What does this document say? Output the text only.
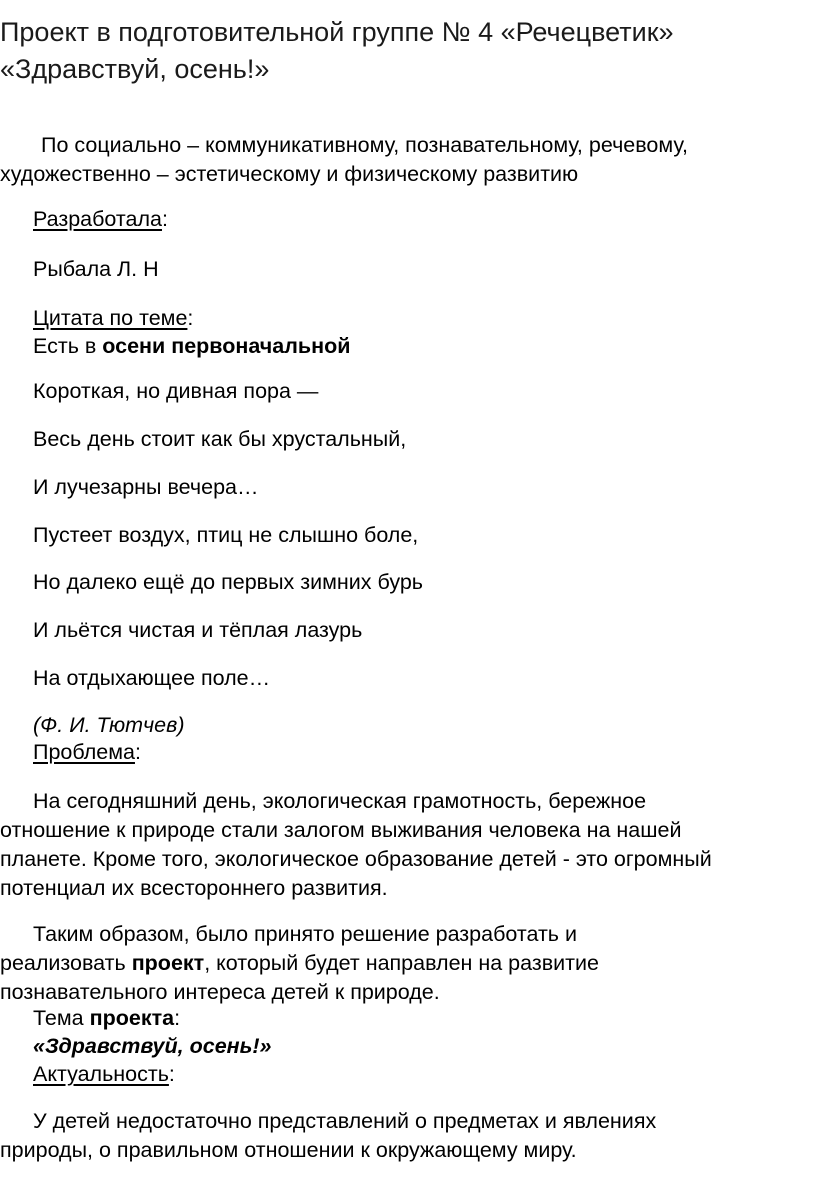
Проект в подготовительной группе № 4 «Речецветик»
«Здравствуй, осень!»

По социально – коммуникативному, познавательному, речевому,

художественно – эстетическому и физическому развитию

Разработала:

Рыбала Л. Н

Цитата по теме:

Есть в осени первоначальной

Короткая, но дивная пора —

Весь день стоит как бы хрустальный,

И лучезарны вечера…

Пустеет воздух, птиц не слышно боле,

Но далеко ещё до первых зимних бурь

И льётся чистая и тёплая лазурь

На отдыхающее поле…

(Ф. И. Тютчев)

Проблема:

На сегодняшний день, экологическая грамотность, бережное

отношение к природе стали залогом выживания человека на нашей

планете. Кроме того, экологическое образование детей - это огромный

потенциал их всестороннего развития.

Таким образом, было принято решение разработать и

реализовать проект, который будет направлен на развитие

познавательного интереса детей к природе.

Тема проекта:

«Здравствуй, осень!»

Актуальность:

У детей недостаточно представлений о предметах и явлениях

природы, о правильном отношении к окружающему миру.
